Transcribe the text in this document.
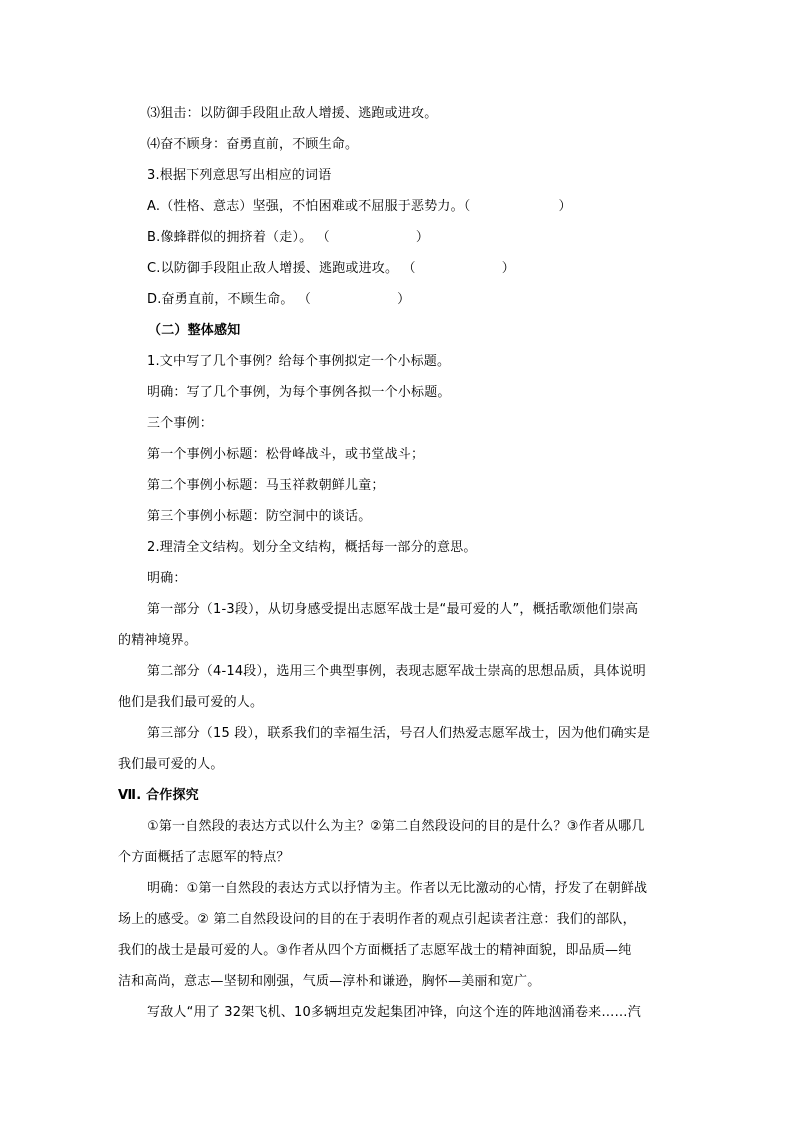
⑶狙击：以防御手段阻止敌人增援、逃跑或进攻。
⑷奋不顾身：奋勇直前，不顾生命。
3.根据下列意思写出相应的词语
A.（性格、意志）坚强，不怕困难或不屈服于恶势力。（	）
B.像蜂群似的拥挤着（走）。 （	）
C.以防御手段阻止敌人增援、逃跑或进攻。 （	）
D.奋勇直前，不顾生命。 （	）
（二）整体感知
1.文中写了几个事例？给每个事例拟定一个小标题。
明确：写了几个事例，为每个事例各拟一个小标题。
三个事例：
第一个事例小标题：松骨峰战斗，或书堂战斗；
第二个事例小标题：马玉祥救朝鲜儿童；
第三个事例小标题：防空洞中的谈话。
2.理清全文结构。划分全文结构，概括每一部分的意思。
明确：
第一部分（1-3段），从切身感受提出志愿军战士是“最可爱的人”，概括歌颂他们崇高
的精神境界。
第二部分（4-14段），选用三个典型事例，表现志愿军战士崇高的思想品质，具体说明
他们是我们最可爱的人。
第三部分（15 段），联系我们的幸福生活，号召人们热爱志愿军战士，因为他们确实是
我们最可爱的人。
Ⅶ. 合作探究
①第一自然段的表达方式以什么为主？②第二自然段设问的目的是什么？③作者从哪几
个方面概括了志愿军的特点？
明确：①第一自然段的表达方式以抒情为主。作者以无比激动的心情，抒发了在朝鲜战
场上的感受。② 第二自然段设问的目的在于表明作者的观点引起读者注意：我们的部队，
我们的战士是最可爱的人。③作者从四个方面概括了志愿军战士的精神面貌，即品质—纯
洁和高尚，意志—坚韧和刚强，气质—淳朴和谦逊，胸怀—美丽和宽广。
写敌人“用了 32架飞机、10多辆坦克发起集团冲锋，向这个连的阵地汹涌卷来……汽
